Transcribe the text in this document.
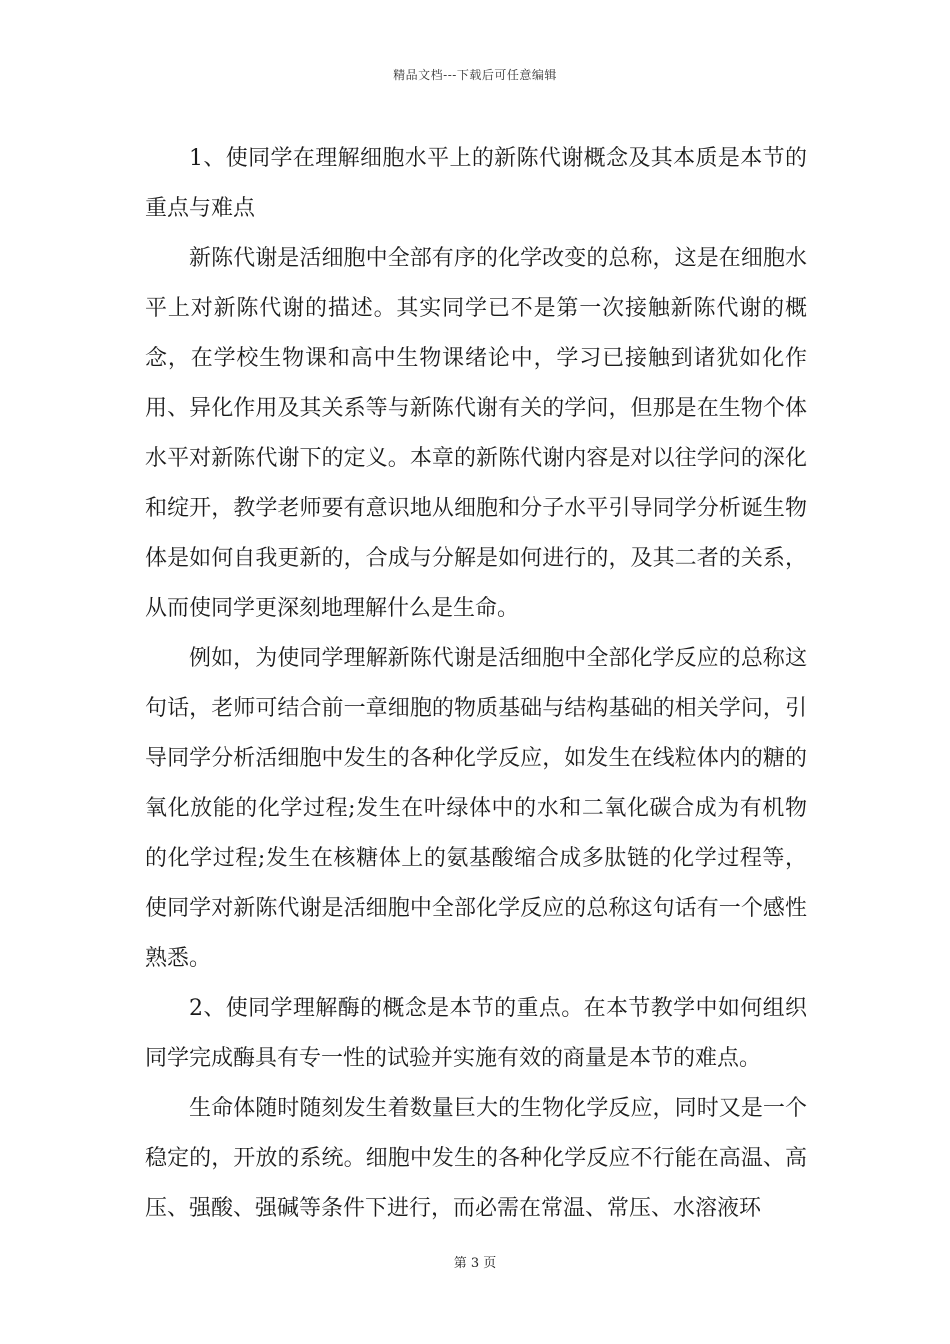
精品文档---下载后可任意编辑

1、使同学在理解细胞水平上的新陈代谢概念及其本质是本节的重点与难点

新陈代谢是活细胞中全部有序的化学改变的总称，这是在细胞水平上对新陈代谢的描述。其实同学已不是第一次接触新陈代谢的概念，在学校生物课和高中生物课绪论中，学习已接触到诸犹如化作用、异化作用及其关系等与新陈代谢有关的学问，但那是在生物个体水平对新陈代谢下的定义。本章的新陈代谢内容是对以往学问的深化和绽开，教学老师要有意识地从细胞和分子水平引导同学分析诞生物体是如何自我更新的，合成与分解是如何进行的，及其二者的关系，从而使同学更深刻地理解什么是生命。

例如，为使同学理解新陈代谢是活细胞中全部化学反应的总称这句话，老师可结合前一章细胞的物质基础与结构基础的相关学问，引导同学分析活细胞中发生的各种化学反应，如发生在线粒体内的糖的氧化放能的化学过程;发生在叶绿体中的水和二氧化碳合成为有机物的化学过程;发生在核糖体上的氨基酸缩合成多肽链的化学过程等，使同学对新陈代谢是活细胞中全部化学反应的总称这句话有一个感性熟悉。

2、使同学理解酶的概念是本节的重点。在本节教学中如何组织同学完成酶具有专一性的试验并实施有效的商量是本节的难点。

生命体随时随刻发生着数量巨大的生物化学反应，同时又是一个稳定的，开放的系统。细胞中发生的各种化学反应不行能在高温、高压、强酸、强碱等条件下进行，而必需在常温、常压、水溶液环

第 3 页
